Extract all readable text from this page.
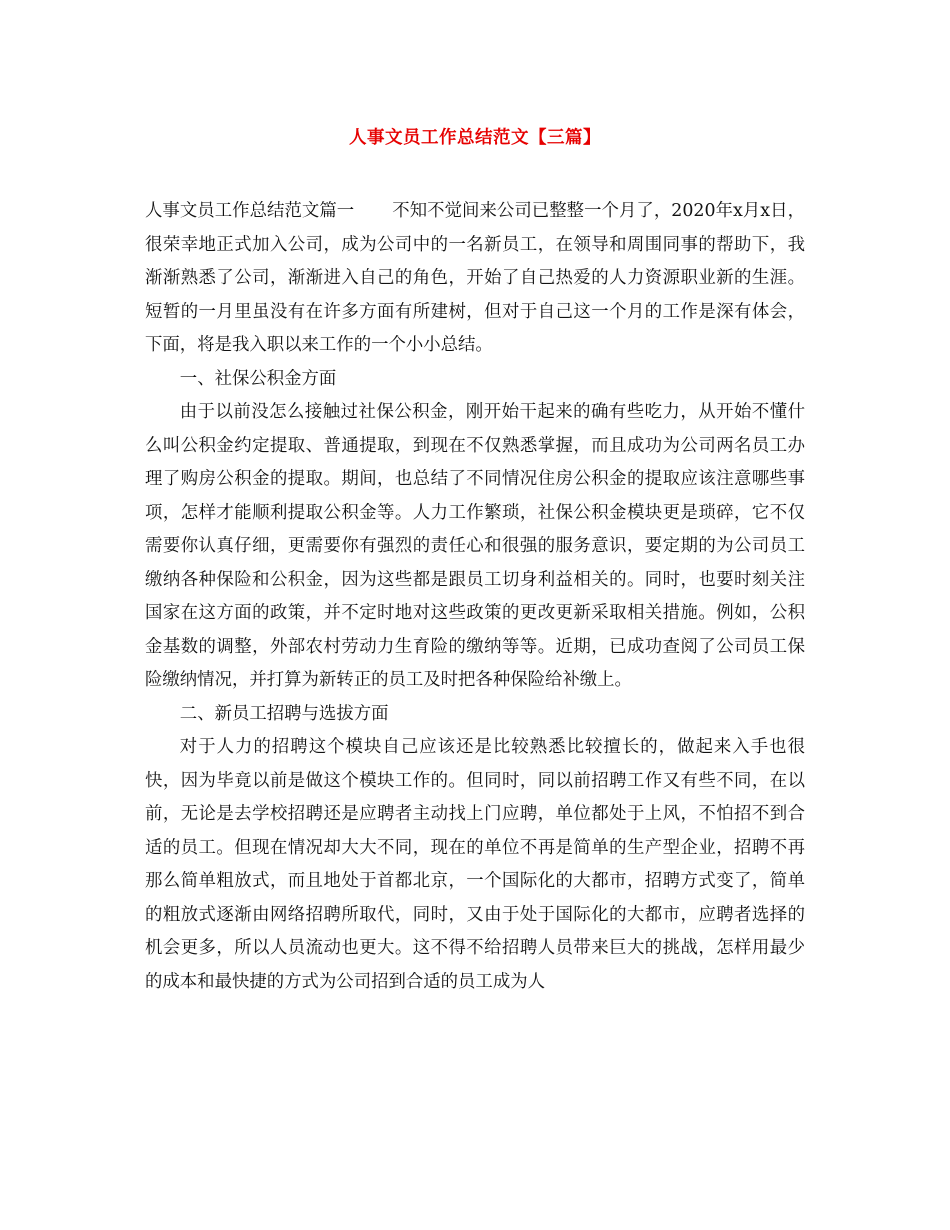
人事文员工作总结范文【三篇】

人事文员工作总结范文篇一 不知不觉间来公司已整整一个月了，2020年x月x日，很荣幸地正式加入公司，成为公司中的一名新员工，在领导和周围同事的帮助下，我渐渐熟悉了公司，渐渐进入自己的角色，开始了自己热爱的人力资源职业新的生涯。短暂的一月里虽没有在许多方面有所建树，但对于自己这一个月的工作是深有体会，下面，将是我入职以来工作的一个小小总结。

一、社保公积金方面

由于以前没怎么接触过社保公积金，刚开始干起来的确有些吃力，从开始不懂什么叫公积金约定提取、普通提取，到现在不仅熟悉掌握，而且成功为公司两名员工办理了购房公积金的提取。期间，也总结了不同情况住房公积金的提取应该注意哪些事项，怎样才能顺利提取公积金等。人力工作繁琐，社保公积金模块更是琐碎，它不仅需要你认真仔细，更需要你有强烈的责任心和很强的服务意识，要定期的为公司员工缴纳各种保险和公积金，因为这些都是跟员工切身利益相关的。同时，也要时刻关注国家在这方面的政策，并不定时地对这些政策的更改更新采取相关措施。例如，公积金基数的调整，外部农村劳动力生育险的缴纳等等。近期，已成功查阅了公司员工保险缴纳情况，并打算为新转正的员工及时把各种保险给补缴上。

二、新员工招聘与选拔方面

对于人力的招聘这个模块自己应该还是比较熟悉比较擅长的，做起来入手也很快，因为毕竟以前是做这个模块工作的。但同时，同以前招聘工作又有些不同，在以前，无论是去学校招聘还是应聘者主动找上门应聘，单位都处于上风，不怕招不到合适的员工。但现在情况却大大不同，现在的单位不再是简单的生产型企业，招聘不再那么简单粗放式，而且地处于首都北京，一个国际化的大都市，招聘方式变了，简单的粗放式逐渐由网络招聘所取代，同时，又由于处于国际化的大都市，应聘者选择的机会更多，所以人员流动也更大。这不得不给招聘人员带来巨大的挑战，怎样用最少的成本和最快捷的方式为公司招到合适的员工成为人
